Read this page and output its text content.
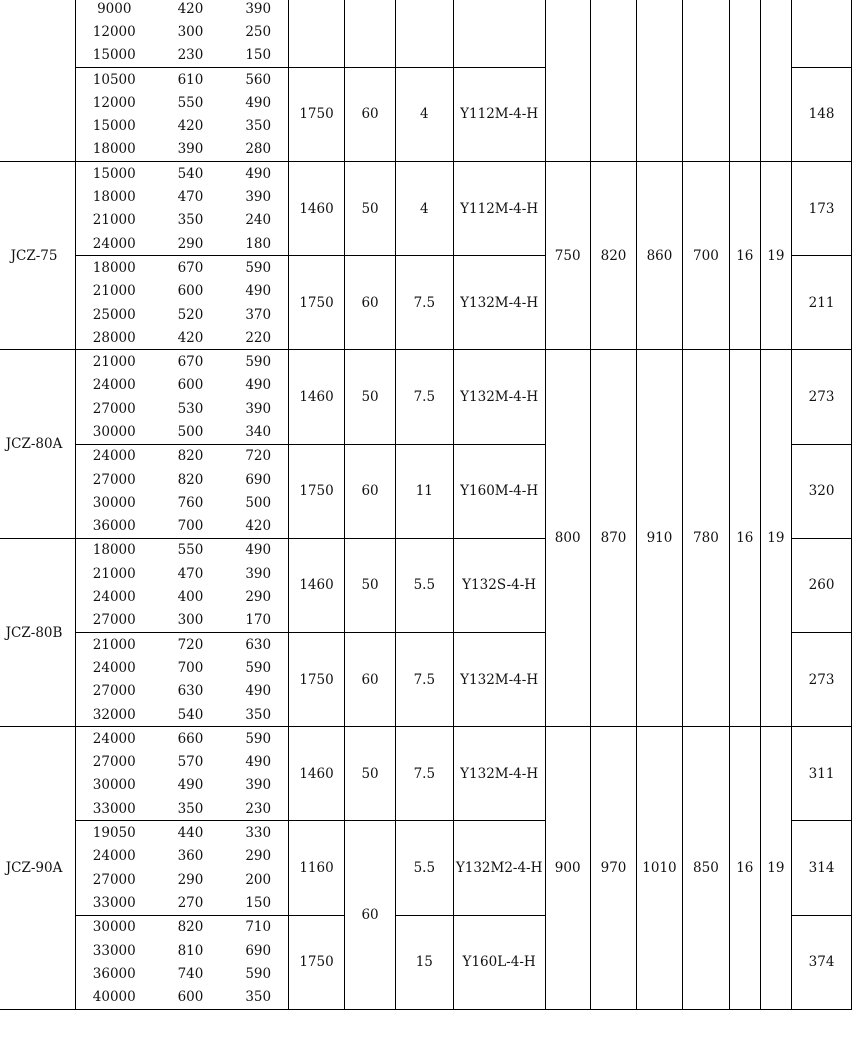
	9000	420	390											
	12000	300	250											
	15000	230	150											
	10500	610	560	1750	60	4	Y112M-4-H							148
	12000	550	490											
	15000	420	350											
	18000	390	280											
JCZ-75	15000	540	490	1460	50	4	Y112M-4-H	750	820	860	700	16	19	173
	18000	470	390											
	21000	350	240											
	24000	290	180											
	18000	670	590	1750	60	7.5	Y132M-4-H							211
	21000	600	490											
	25000	520	370											
	28000	420	220											
JCZ-80A	21000	670	590	1460	50	7.5	Y132M-4-H	800	870	910	780	16	19	273
	24000	600	490											
	27000	530	390											
	30000	500	340											
	24000	820	720	1750	60	11	Y160M-4-H							320
	27000	820	690											
	30000	760	500											
	36000	700	420											
JCZ-80B	18000	550	490	1460	50	5.5	Y132S-4-H							260
	21000	470	390											
	24000	400	290											
	27000	300	170											
	21000	720	630	1750	60	7.5	Y132M-4-H							273
	24000	700	590											
	27000	630	490											
	32000	540	350											
JCZ-90A	24000	660	590	1460	50	7.5	Y132M-4-H	900	970	1010	850	16	19	311
	27000	570	490											
	30000	490	390											
	33000	350	230											
	19050	440	330	1160	60	5.5	Y132M2-4-H							314
	24000	360	290											
	27000	290	200											
	33000	270	150											
	30000	820	710	1750		15	Y160L-4-H							374
	33000	810	690											
	36000	740	590											
	40000	600	350											
